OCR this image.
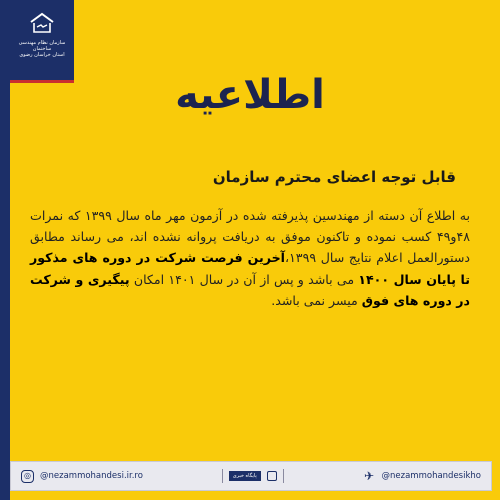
سازمان نظام مهندسی ساختمان
استان خراسان رضوی
اطلاعیه
قابل توجه اعضای محترم سازمان
به اطلاع آن دسته از مهندسین پذیرفته شده در آزمون مهر ماه سال ۱۳۹۹ که نمرات ۴۸و۴۹ کسب نموده و تاکنون موفق به دریافت پروانه نشده اند، می رساند مطابق دستورالعمل اعلام نتایج سال ۱۳۹۹،آخرین فرصت شرکت در دوره های مذکور تا پایان سال ۱۴۰۰ می باشد و پس از آن در سال ۱۴۰۱ امکان پیگیری و شرکت در دوره های فوق میسر نمی باشد.
◎	@nezammohandesi.ir.ro	پایگاه خبری	✈ @nezammohandesikho
